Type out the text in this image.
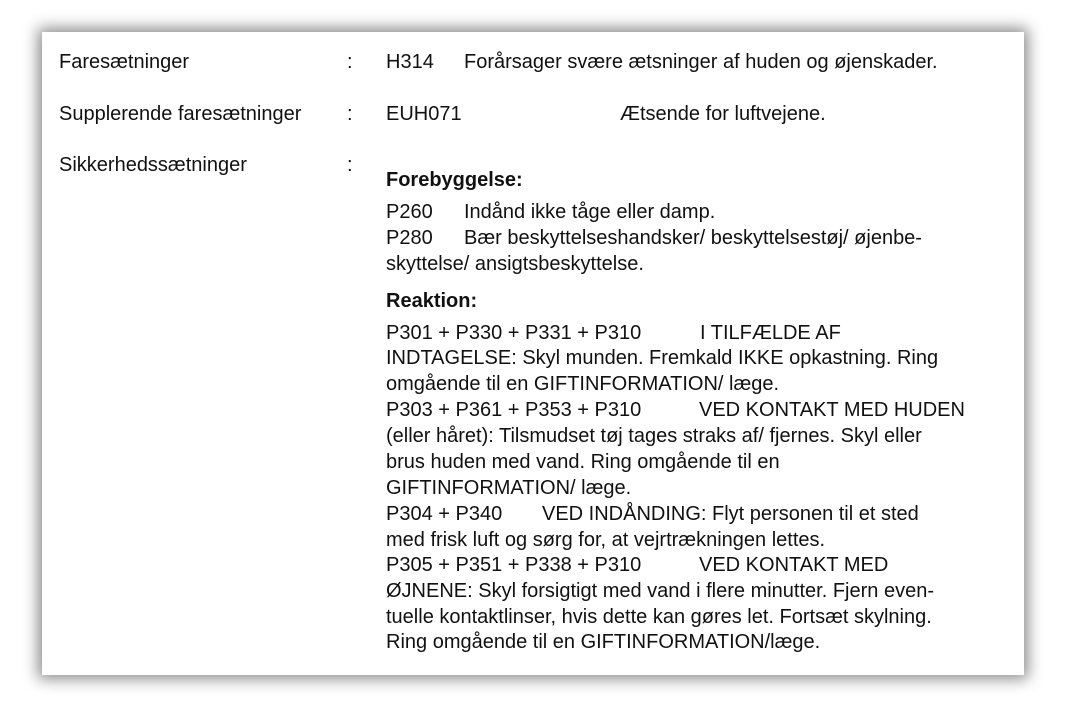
Faresætninger	: H314 Forårsager svære ætsninger af huden og øjenskader.
Supplerende faresætninger : EUH071	Ætsende for luftvejene.
Sikkerhedssætninger	:
Forebyggelse:
P260 Indånd ikke tåge eller damp.
P280 Bær beskyttelseshandsker/ beskyttelsestøj/ øjenbe-
skyttelse/ ansigtsbeskyttelse.
Reaktion:
P301 + P330 + P331 + P310	I TILFÆLDE AF
INDTAGELSE: Skyl munden. Fremkald IKKE opkastning. Ring
omgående til en GIFTINFORMATION/ læge.
P303 + P361 + P353 + P310	VED KONTAKT MED HUDEN
(eller håret): Tilsmudset tøj tages straks af/ fjernes. Skyl eller
brus huden med vand. Ring omgående til en
GIFTINFORMATION/ læge.
P304 + P340 VED INDÅNDING: Flyt personen til et sted
med frisk luft og sørg for, at vejrtrækningen lettes.
P305 + P351 + P338 + P310	VED KONTAKT MED
ØJNENE: Skyl forsigtigt med vand i flere minutter. Fjern even-
tuelle kontaktlinser, hvis dette kan gøres let. Fortsæt skylning.
Ring omgående til en GIFTINFORMATION/læge.
